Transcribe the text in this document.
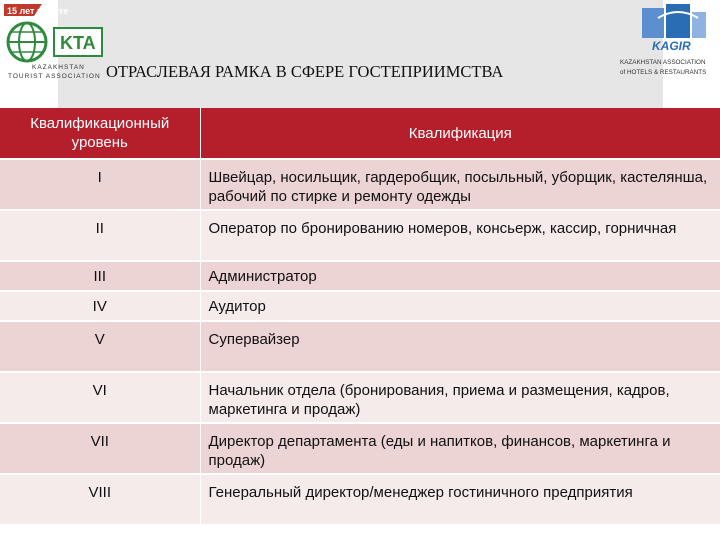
15 лет вместе
KTA
KAZAKHSTAN
TOURIST ASSOCIATION
KAGIR
KAZAKHSTAN ASSOCIATION
of HOTELS & RESTAURANTS
ОТРАСЛЕВАЯ РАМКА В СФЕРЕ ГОСТЕПРИИМСТВА
Квалификационный уровень	Квалификация
I	Швейцар, носильщик, гардеробщик, посыльный, уборщик, кастелянша, рабочий по стирке и ремонту одежды
II	Оператор по бронированию номеров, консьерж, кассир, горничная
III	Администратор
IV	Аудитор
V	Супервайзер
VI	Начальник отдела (бронирования, приема и размещения, кадров, маркетинга и продаж)
VII	Директор департамента (еды и напитков, финансов, маркетинга и продаж)
VIII	Генеральный директор/менеджер гостиничного предприятия
